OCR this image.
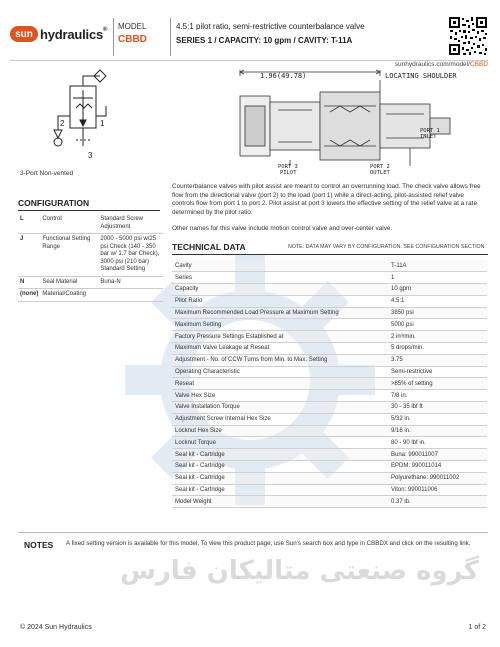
sun hydraulics® MODEL
CBBD
4.5:1 pilot ratio, semi-restrictive counterbalance valve
SERIES 1 / CAPACITY: 10 gpm / CAVITY: T-11A
sunhydraulics.com/model/CBBD
2	1
3
3-Port Non-vented
1.96(49.78)	LOCATING SHOULDER
PORT 1 INLET
PORT 3 PILOT
PORT 2 OUTLET

Counterbalance valves with pilot assist are meant to control an overrunning load. The check valve allows free flow from the directional valve (port 2) to the load (port 1) while a direct-acting, pilot-assisted relief valve controls flow from port 1 to port 2. Pilot assist at port 3 lowers the effective setting of the relief valve at a rate determined by the pilot ratio.

Other names for this valve include motion control valve and over-center valve.

CONFIGURATION
L	Control	Standard Screw Adjustment
J	Functional Setting Range	2000 - 5000 psi w/25 psi Check (140 - 350 bar w/ 1.7 bar Check), 3000 psi (210 bar) Standard Setting
N	Seal Material	Buna-N
(none)	Material/Coating	
TECHNICAL DATA	NOTE: DATA MAY VARY BY CONFIGURATION. SEE CONFIGURATION SECTION.
Cavity	T-11A
Series	1
Capacity	10 gpm
Pilot Ratio	4.5:1
Maximum Recommended Load Pressure at Maximum Setting	3850 psi
Maximum Setting	5000 psi
Factory Pressure Settings Established at	2 in³/min.
Maximum Valve Leakage at Reseat	5 drops/min.
Adjustment - No. of CCW Turns from Min. to Max. Setting	3.75
Operating Characteristic	Semi-restrictive
Reseat	>85% of setting
Valve Hex Size	7/8 in.
Valve Installation Torque	30 - 35 lbf ft
Adjustment Screw Internal Hex Size	5/32 in.
Locknut Hex Size	9/16 in.
Locknut Torque	80 - 90 lbf in.
Seal kit - Cartridge	Buna: 990011007
Seal kit - Cartridge	EPDM: 990011014
Seal kit - Cartridge	Polyurethane: 990011002
Seal kit - Cartridge	Viton: 990011006
Model Weight	0.37 lb.
NOTES A fixed setting version is available for this model. To view this product page, use Sun's search box and type in CBBDX and click on the resulting link.
گروه صنعتی متالیکان فارس
© 2024 Sun Hydraulics	1 of 2
